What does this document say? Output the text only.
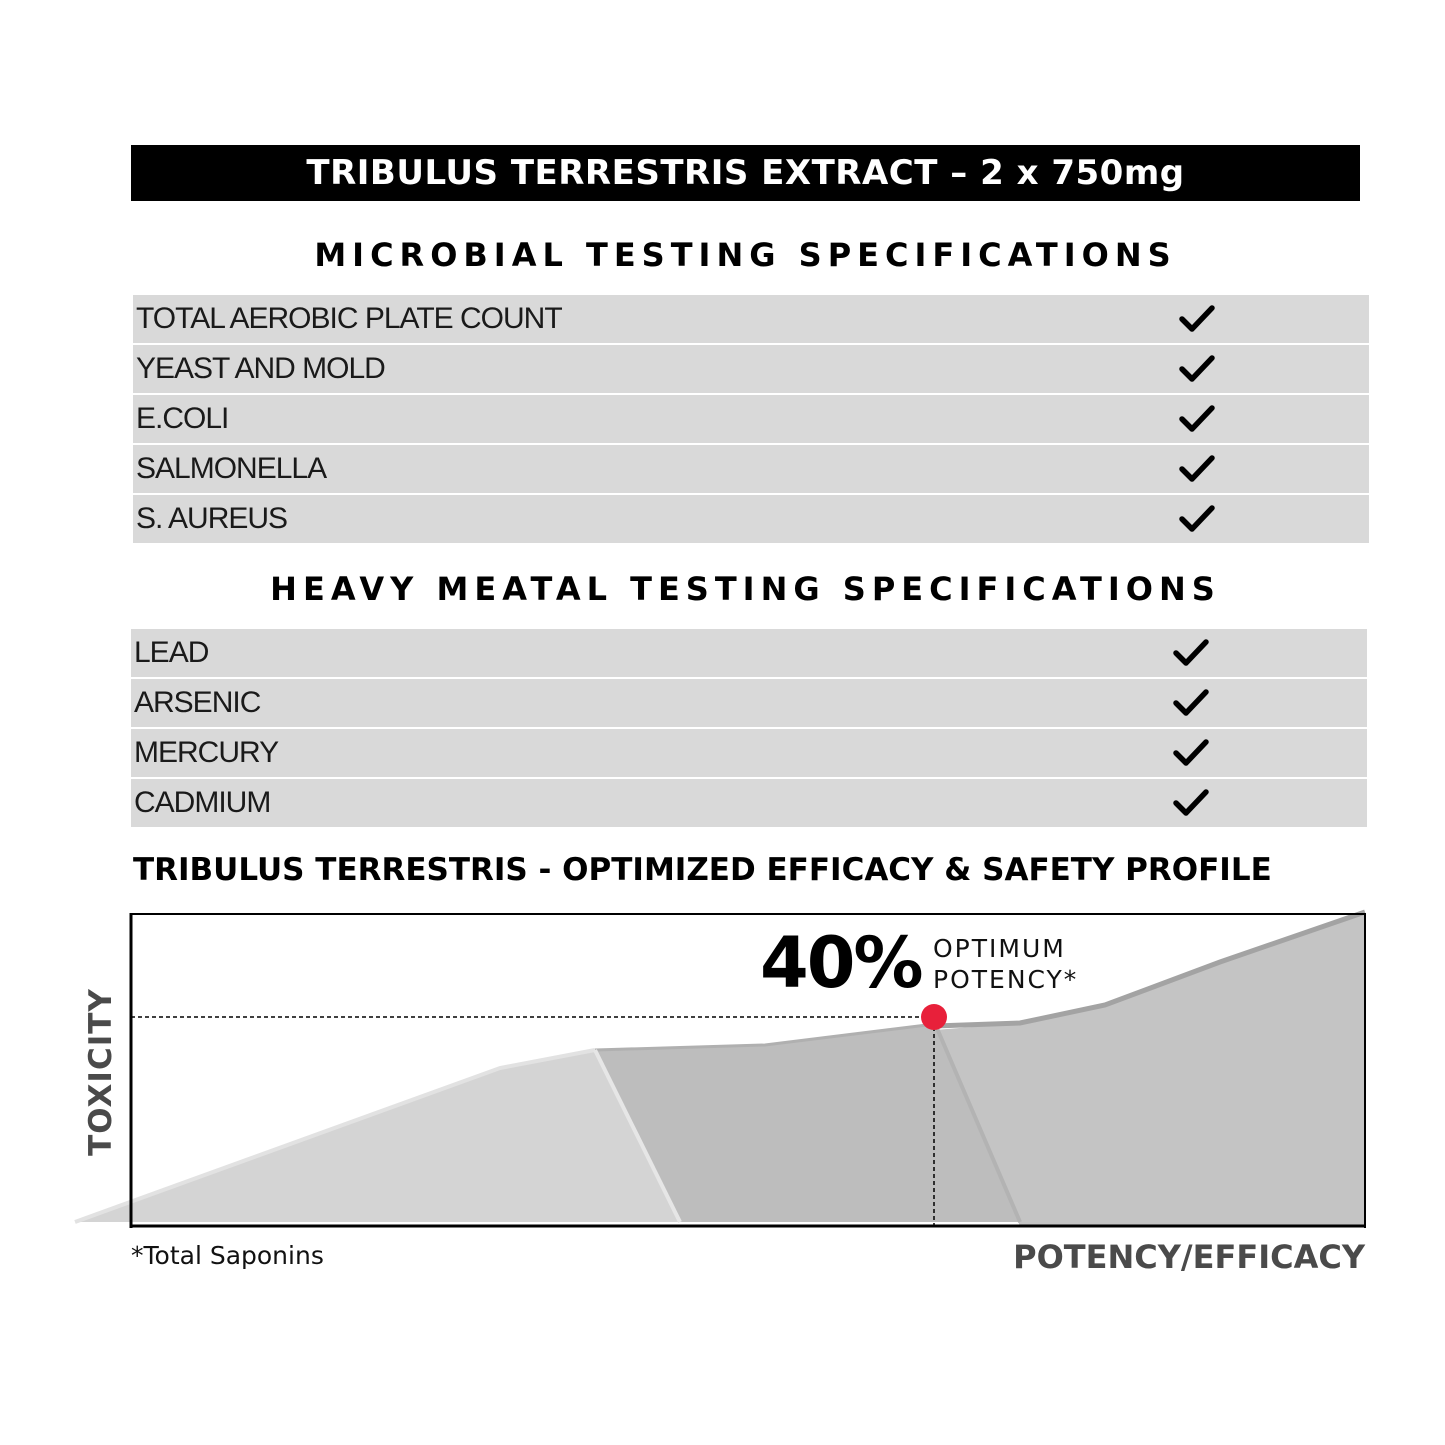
TRIBULUS TERRESTRIS EXTRACT – 2 x 750mg
MICROBIAL TESTING SPECIFICATIONS
TOTAL AEROBIC PLATE COUNT
YEAST AND MOLD
E.COLI
SALMONELLA
S. AUREUS
HEAVY MEATAL TESTING SPECIFICATIONS
LEAD
ARSENIC
MERCURY
CADMIUM
TRIBULUS TERRESTRIS - OPTIMIZED EFFICACY & SAFETY PROFILE
40% OPTIMUM
POTENCY*
TOXICITY
POTENCY/EFFICACY
*Total Saponins
